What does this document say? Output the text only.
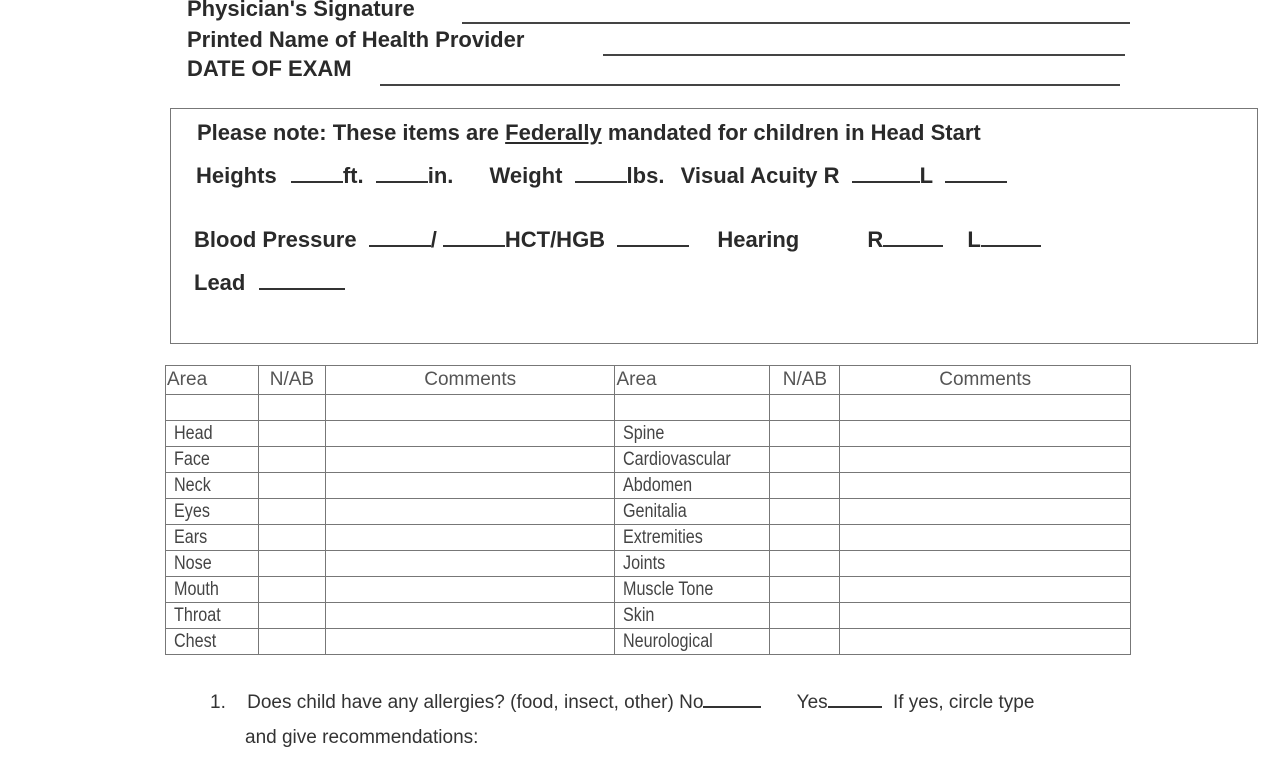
Physician's Signature
Printed Name of Health Provider
DATE OF EXAM
Please note: These items are Federally mandated for children in Head Start
Heights	ft.	in. Weight	lbs. Visual Acuity R	L
Blood Pressure	/	HCT/HGB	Hearing	R	L
Lead
Area	N/AB	Comments	Area	N/AB	Comments

Head			Spine		
Face			Cardiovascular		
Neck			Abdomen		
Eyes			Genitalia		
Ears			Extremities		
Nose			Joints		
Mouth			Muscle Tone		
Throat			Skin		
Chest			Neurological		
1. Does child have any allergies? (food, insect, other) No	Yes	If yes, circle type
and give recommendations:
